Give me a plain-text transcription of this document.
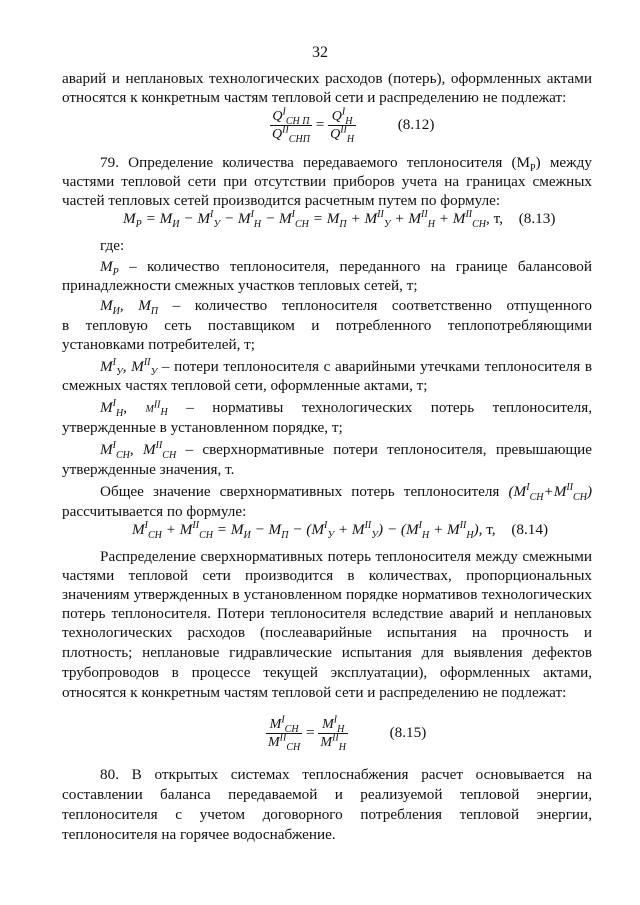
32
аварий и неплановых технологических расходов (потерь), оформленных актами
относятся к конкретным частям тепловой сети и распределению не подлежат:
$\frac{Q^I_{CH П}}{Q^{II}_{CHП}} = \frac{Q^I_H}{Q^{II}_H}$	(8.12)
79. Определение количества передаваемого теплоносителя $(M_P)$ между
частями тепловой сети при отсутствии приборов учета на границах смежных
частей тепловых сетей производится расчетным путем по формуле:
$M_P = M_И - M^I_У - M^I_H - M^I_{CH} = M_П + M^{II}_У + M^{II}_H + M^{II}_{CH}$, т, (8.13)
где:
$M_P$ – количество теплоносителя, переданного на границе балансовой
принадлежности смежных участков тепловых сетей, т;
$M_И$, $M_П$ – количество теплоносителя соответственно отпущенного
в тепловую сеть поставщиком и потребленного теплопотребляющими
установками потребителей, т;
$M^I_У$, $M^{II}_У$ – потери теплоносителя с аварийными утечками теплоносителя в
смежных частях тепловой сети, оформленные актами, т;
$M^I_H$, $M^{II}_H$ – нормативы технологических потерь теплоносителя,
утвержденные в установленном порядке, т;
$M^I_{CH}$, $M^{II}_{CH}$ – сверхнормативные потери теплоносителя, превышающие
утвержденные значения, т.
Общее значение сверхнормативных потерь теплоносителя $(M^I_{CH}+M^{II}_{CH})$
рассчитывается по формуле:
$M^I_{CH} + M^{II}_{CH} = M_И - M_П - (M^I_У + M^{II}_У) - (M^I_H + M^{II}_H)$, т, (8.14)
Распределение сверхнормативных потерь теплоносителя между смежными
частями тепловой сети производится в количествах, пропорциональных
значениям утвержденных в установленном порядке нормативов технологических
потерь теплоносителя. Потери теплоносителя вследствие аварий и неплановых
технологических расходов (послеаварийные испытания на прочность и
плотность; неплановые гидравлические испытания для выявления дефектов
трубопроводов в процессе текущей эксплуатации), оформленных актами,
относятся к конкретным частям тепловой сети и распределению не подлежат:
$\frac{M^I_{CH}}{M^{II}_{CH}} = \frac{M^I_H}{M^{II}_H}$	(8.15)
80. В открытых системах теплоснабжения расчет основывается на
составлении баланса передаваемой и реализуемой тепловой энергии,
теплоносителя с учетом договорного потребления тепловой энергии,
теплоносителя на горячее водоснабжение.
